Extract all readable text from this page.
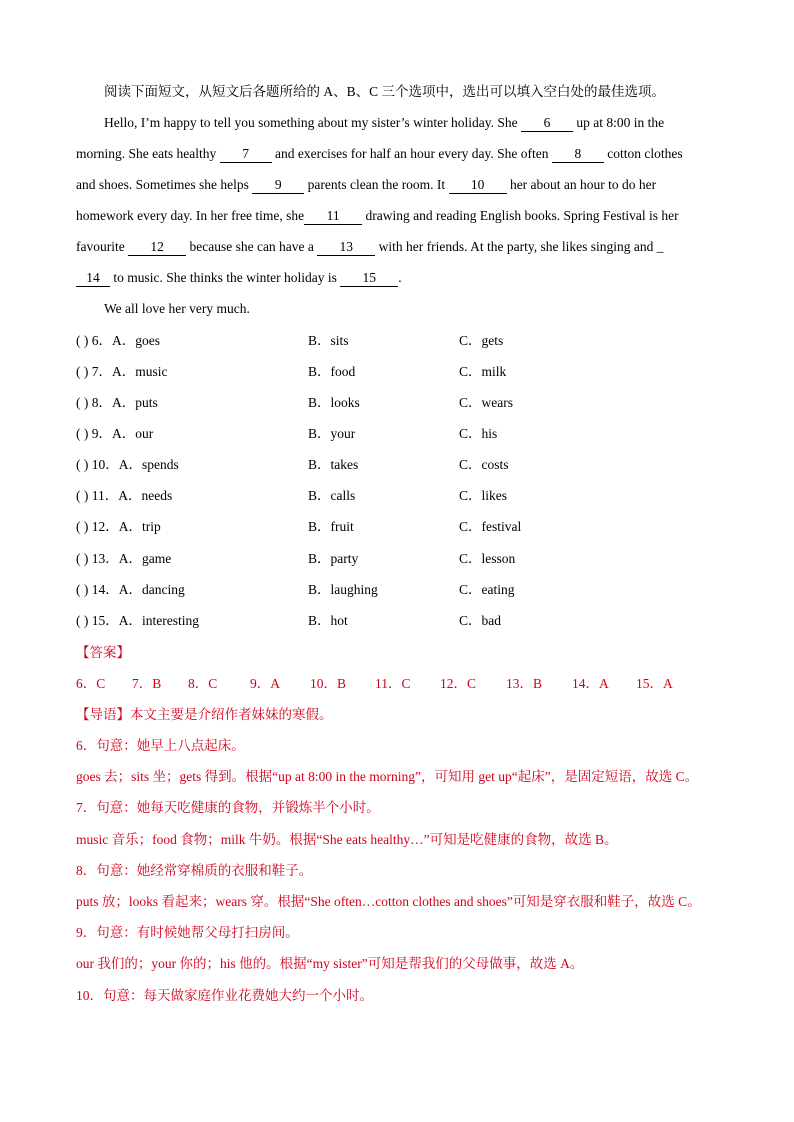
阅读下面短文，从短文后各题所给的 A、B、C 三个选项中，选出可以填入空白处的最佳选项。
Hello, I’m happy to tell you something about my sister’s winter holiday. She 6 up at 8:00 in the
morning. She eats healthy 7 and exercises for half an hour every day. She often 8 cotton clothes
and shoes. Sometimes she helps 9 parents clean the room. It 10 her about an hour to do her
homework every day. In her free time, she 11 drawing and reading English books. Spring Festival is her
favourite 12 because she can have a 13 with her friends. At the party, she likes singing and _
14 to music. She thinks the winter holiday is 15 .
We all love her very much.
( ) 6．A．goes	B．sits	C．gets
( ) 7．A．music	B．food	C．milk
( ) 8．A．puts	B．looks	C．wears
( ) 9．A．our	B．your	C．his
( ) 10．A．spends	B．takes	C．costs
( ) 11．A．needs	B．calls	C．likes
( ) 12．A．trip	B．fruit	C．festival
( ) 13．A．game	B．party	C．lesson
( ) 14．A．dancing	B．laughing	C．eating
( ) 15．A．interesting	B．hot	C．bad
【答案】
6．C 7．B 8．C 9．A 10．B 11．C 12．C 13．B 14．A 15．A
【导语】本文主要是介绍作者妹妹的寒假。
6．句意：她早上八点起床。
goes 去；sits 坐；gets 得到。根据“up at 8:00 in the morning”，可知用 get up“起床”，是固定短语，故选 C。
7．句意：她每天吃健康的食物，并锻炼半个小时。
music 音乐；food 食物；milk 牛奶。根据“She eats healthy…”可知是吃健康的食物，故选 B。
8．句意：她经常穿棉质的衣服和鞋子。
puts 放；looks 看起来；wears 穿。根据“She often…cotton clothes and shoes”可知是穿衣服和鞋子，故选 C。
9．句意：有时候她帮父母打扫房间。
our 我们的；your 你的；his 他的。根据“my sister”可知是帮我们的父母做事，故选 A。
10．句意：每天做家庭作业花费她大约一个小时。
